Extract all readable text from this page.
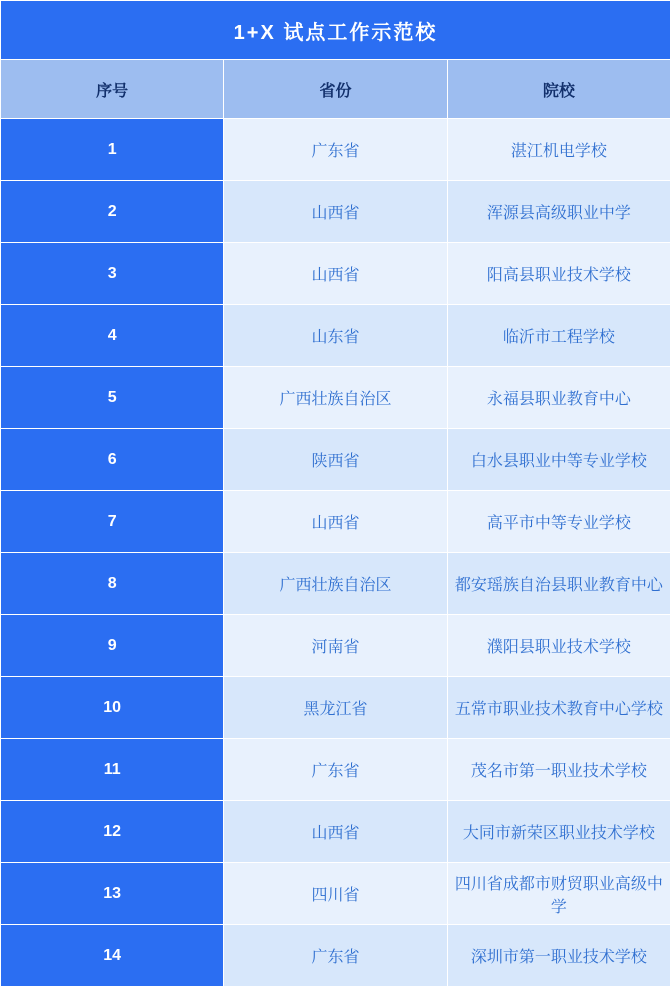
1+X 试点工作示范校		
序号	省份	院校
1	广东省	湛江机电学校
2	山西省	浑源县高级职业中学
3	山西省	阳高县职业技术学校
4	山东省	临沂市工程学校
5	广西壮族自治区	永福县职业教育中心
6	陕西省	白水县职业中等专业学校
7	山西省	高平市中等专业学校
8	广西壮族自治区	都安瑶族自治县职业教育中心
9	河南省	濮阳县职业技术学校
10	黑龙江省	五常市职业技术教育中心学校
11	广东省	茂名市第一职业技术学校
12	山西省	大同市新荣区职业技术学校
13	四川省	四川省成都市财贸职业高级中学
14	广东省	深圳市第一职业技术学校
